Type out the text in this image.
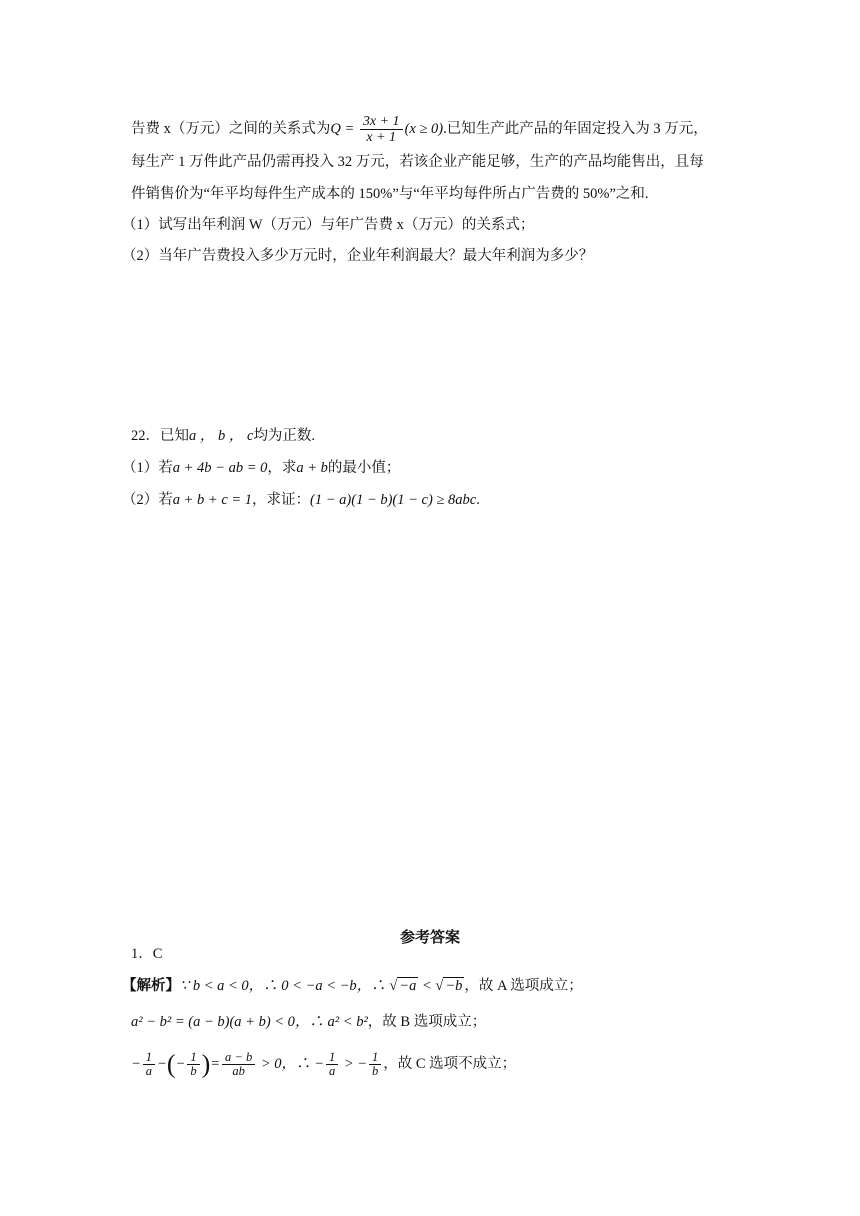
告费 x（万元）之间的关系式为$Q = \frac{3x + 1}{x + 1} (x \ge 0)$.已知生产此产品的年固定投入为 3 万元，
每生产 1 万件此产品仍需再投入 32 万元，若该企业产能足够，生产的产品均能售出，且每
件销售价为“年平均每件生产成本的 150%”与“年平均每件所占广告费的 50%”之和.
（1）试写出年利润 W（万元）与年广告费 x（万元）的关系式；
（2）当年广告费投入多少万元时，企业年利润最大？最大年利润为多少？
22．已知a ， b ， c均为正数.
（1）若a + 4b − ab = 0，求a + b的最小值；
（2）若a + b + c = 1，求证：(1 − a)(1 − b)(1 − c) ≥ 8abc.
参考答案
1．C
【解析】∵ b < a < 0，∴ 0 < −a < −b，∴ √ −a < √ −b ，故 A 选项成立；
a² − b² = (a − b)(a + b) < 0，∴ a² < b²，故 B 选项成立；
− $\frac{1}{a}$ −(− $\frac{1}{b}$ )= $\frac{a - b}{ab} > 0$，∴ − $\frac{1}{a}$ > − $\frac{1}{b}$ ，故 C 选项不成立；
